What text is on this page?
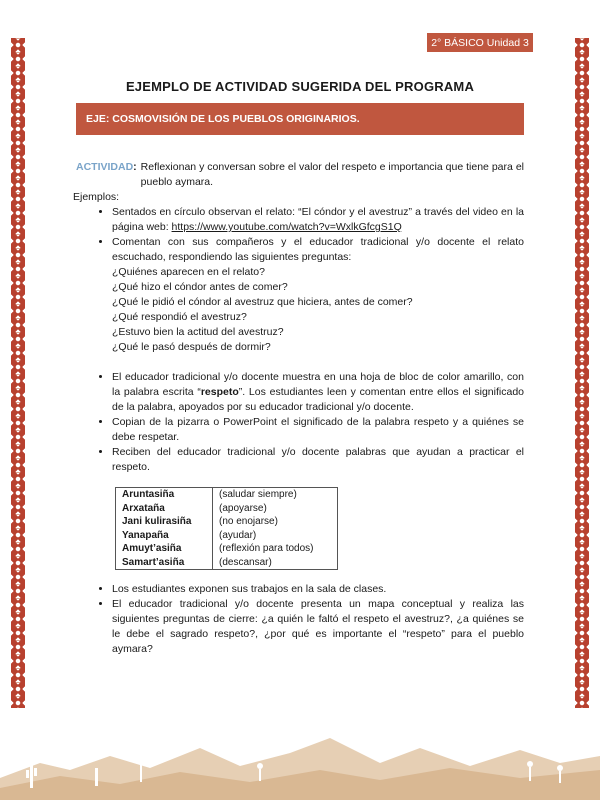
2° BÁSICO Unidad 3
EJEMPLO DE ACTIVIDAD SUGERIDA DEL PROGRAMA
EJE: COSMOVISIÓN DE LOS PUEBLOS ORIGINARIOS.
ACTIVIDAD: Reflexionan y conversan sobre el valor del respeto e importancia que tiene para el pueblo aymara.
Ejemplos:
• Sentados en círculo observan el relato: “El cóndor y el avestruz” a través del video en la página web: https://www.youtube.com/watch?v=WxlkGfcgS1Q
• Comentan con sus compañeros y el educador tradicional y/o docente el relato escuchado, respondiendo las siguientes preguntas:
¿Quiénes aparecen en el relato?
¿Qué hizo el cóndor antes de comer?
¿Qué le pidió el cóndor al avestruz que hiciera, antes de comer?
¿Qué respondió el avestruz?
¿Estuvo bien la actitud del avestruz?
¿Qué le pasó después de dormir?
• El educador tradicional y/o docente muestra en una hoja de bloc de color amarillo, con la palabra escrita “respeto”. Los estudiantes leen y comentan entre ellos el significado de la palabra, apoyados por su educador tradicional y/o docente.
• Copian de la pizarra o PowerPoint el significado de la palabra respeto y a quiénes se debe respetar.
• Reciben del educador tradicional y/o docente palabras que ayudan a practicar el respeto.
Aruntasiña	(saludar siempre)
Arxataña	(apoyarse)
Jani kulirasiña	(no enojarse)
Yanapaña	(ayudar)
Amuyt’asiña	(reflexión para todos)
Samart’asiña	(descansar)
• Los estudiantes exponen sus trabajos en la sala de clases.
• El educador tradicional y/o docente presenta un mapa conceptual y realiza las siguientes preguntas de cierre: ¿a quién le faltó el respeto el avestruz?, ¿a quiénes se le debe el sagrado respeto?, ¿por qué es importante el “respeto” para el pueblo aymara?
